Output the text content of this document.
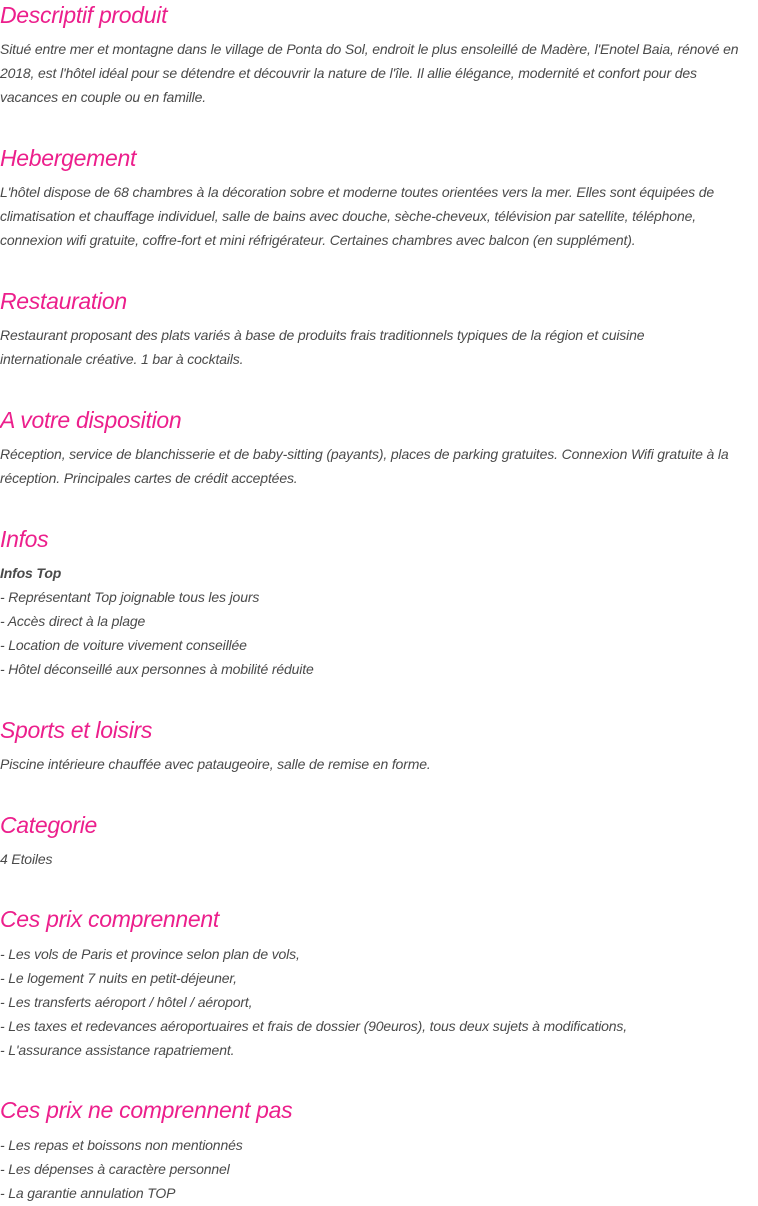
Descriptif produit

Situé entre mer et montagne dans le village de Ponta do Sol, endroit le plus ensoleillé de Madère, l'Enotel Baia, rénové en
2018, est l'hôtel idéal pour se détendre et découvrir la nature de l'île. Il allie élégance, modernité et confort pour des
vacances en couple ou en famille.

Hebergement

L'hôtel dispose de 68 chambres à la décoration sobre et moderne toutes orientées vers la mer. Elles sont équipées de
climatisation et chauffage individuel, salle de bains avec douche, sèche-cheveux, télévision par satellite, téléphone,
connexion wifi gratuite, coffre-fort et mini réfrigérateur. Certaines chambres avec balcon (en supplément).

Restauration

Restaurant proposant des plats variés à base de produits frais traditionnels typiques de la région et cuisine
internationale créative. 1 bar à cocktails.

A votre disposition

Réception, service de blanchisserie et de baby-sitting (payants), places de parking gratuites. Connexion Wifi gratuite à la
réception. Principales cartes de crédit acceptées.

Infos

Infos Top
- Représentant Top joignable tous les jours
- Accès direct à la plage
- Location de voiture vivement conseillée
- Hôtel déconseillé aux personnes à mobilité réduite

Sports et loisirs

Piscine intérieure chauffée avec pataugeoire, salle de remise en forme.

Categorie

4 Etoiles

Ces prix comprennent

- Les vols de Paris et province selon plan de vols,
- Le logement 7 nuits en petit-déjeuner,
- Les transferts aéroport / hôtel / aéroport,
- Les taxes et redevances aéroportuaires et frais de dossier (90euros), tous deux sujets à modifications,
- L'assurance assistance rapatriement.

Ces prix ne comprennent pas

- Les repas et boissons non mentionnés
- Les dépenses à caractère personnel
- La garantie annulation TOP
